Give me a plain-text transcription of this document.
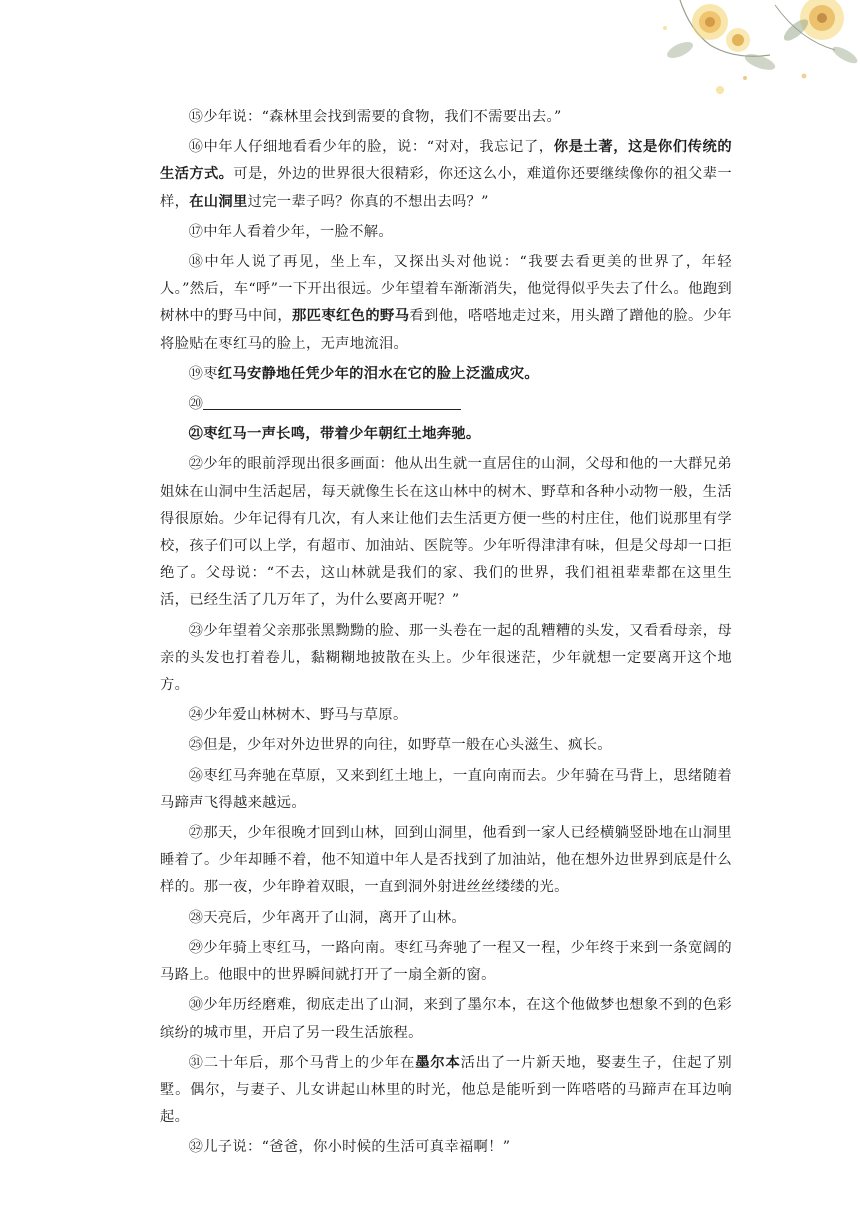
⑮少年说：“森林里会找到需要的食物，我们不需要出去。”

⑯中年人仔细地看看少年的脸，说：“对对，我忘记了，你是土著，这是你们传统的生活方式。可是，外边的世界很大很精彩，你还这么小，难道你还要继续像你的祖父辈一样，在山洞里过完一辈子吗？你真的不想出去吗？”

⑰中年人看着少年，一脸不解。

⑱中年人说了再见，坐上车，又探出头对他说：“我要去看更美的世界了，年轻人。”然后，车“呼”一下开出很远。少年望着车渐渐消失，他觉得似乎失去了什么。他跑到树林中的野马中间，那匹枣红色的野马看到他，嗒嗒地走过来，用头蹭了蹭他的脸。少年将脸贴在枣红马的脸上，无声地流泪。

⑲枣红马安静地任凭少年的泪水在它的脸上泛滥成灾。

⑳

㉑枣红马一声长鸣，带着少年朝红土地奔驰。

㉒少年的眼前浮现出很多画面：他从出生就一直居住的山洞，父母和他的一大群兄弟姐妹在山洞中生活起居，每天就像生长在这山林中的树木、野草和各种小动物一般，生活得很原始。少年记得有几次，有人来让他们去生活更方便一些的村庄住，他们说那里有学校，孩子们可以上学，有超市、加油站、医院等。少年听得津津有味，但是父母却一口拒绝了。父母说：“不去，这山林就是我们的家、我们的世界，我们祖祖辈辈都在这里生活，已经生活了几万年了，为什么要离开呢？”

㉓少年望着父亲那张黑黝黝的脸、那一头卷在一起的乱糟糟的头发，又看看母亲，母亲的头发也打着卷儿，黏糊糊地披散在头上。少年很迷茫，少年就想一定要离开这个地方。

㉔少年爱山林树木、野马与草原。

㉕但是，少年对外边世界的向往，如野草一般在心头滋生、疯长。

㉖枣红马奔驰在草原，又来到红土地上，一直向南而去。少年骑在马背上，思绪随着马蹄声飞得越来越远。

㉗那天，少年很晚才回到山林，回到山洞里，他看到一家人已经横躺竖卧地在山洞里睡着了。少年却睡不着，他不知道中年人是否找到了加油站，他在想外边世界到底是什么样的。那一夜，少年睁着双眼，一直到洞外射进丝丝缕缕的光。

㉘天亮后，少年离开了山洞，离开了山林。

㉙少年骑上枣红马，一路向南。枣红马奔驰了一程又一程，少年终于来到一条宽阔的马路上。他眼中的世界瞬间就打开了一扇全新的窗。

㉚少年历经磨难，彻底走出了山洞，来到了墨尔本，在这个他做梦也想象不到的色彩缤纷的城市里，开启了另一段生活旅程。

㉛二十年后，那个马背上的少年在墨尔本活出了一片新天地，娶妻生子，住起了别墅。偶尔，与妻子、儿女讲起山林里的时光，他总是能听到一阵嗒嗒的马蹄声在耳边响起。

㉜儿子说：“爸爸，你小时候的生活可真幸福啊！”
